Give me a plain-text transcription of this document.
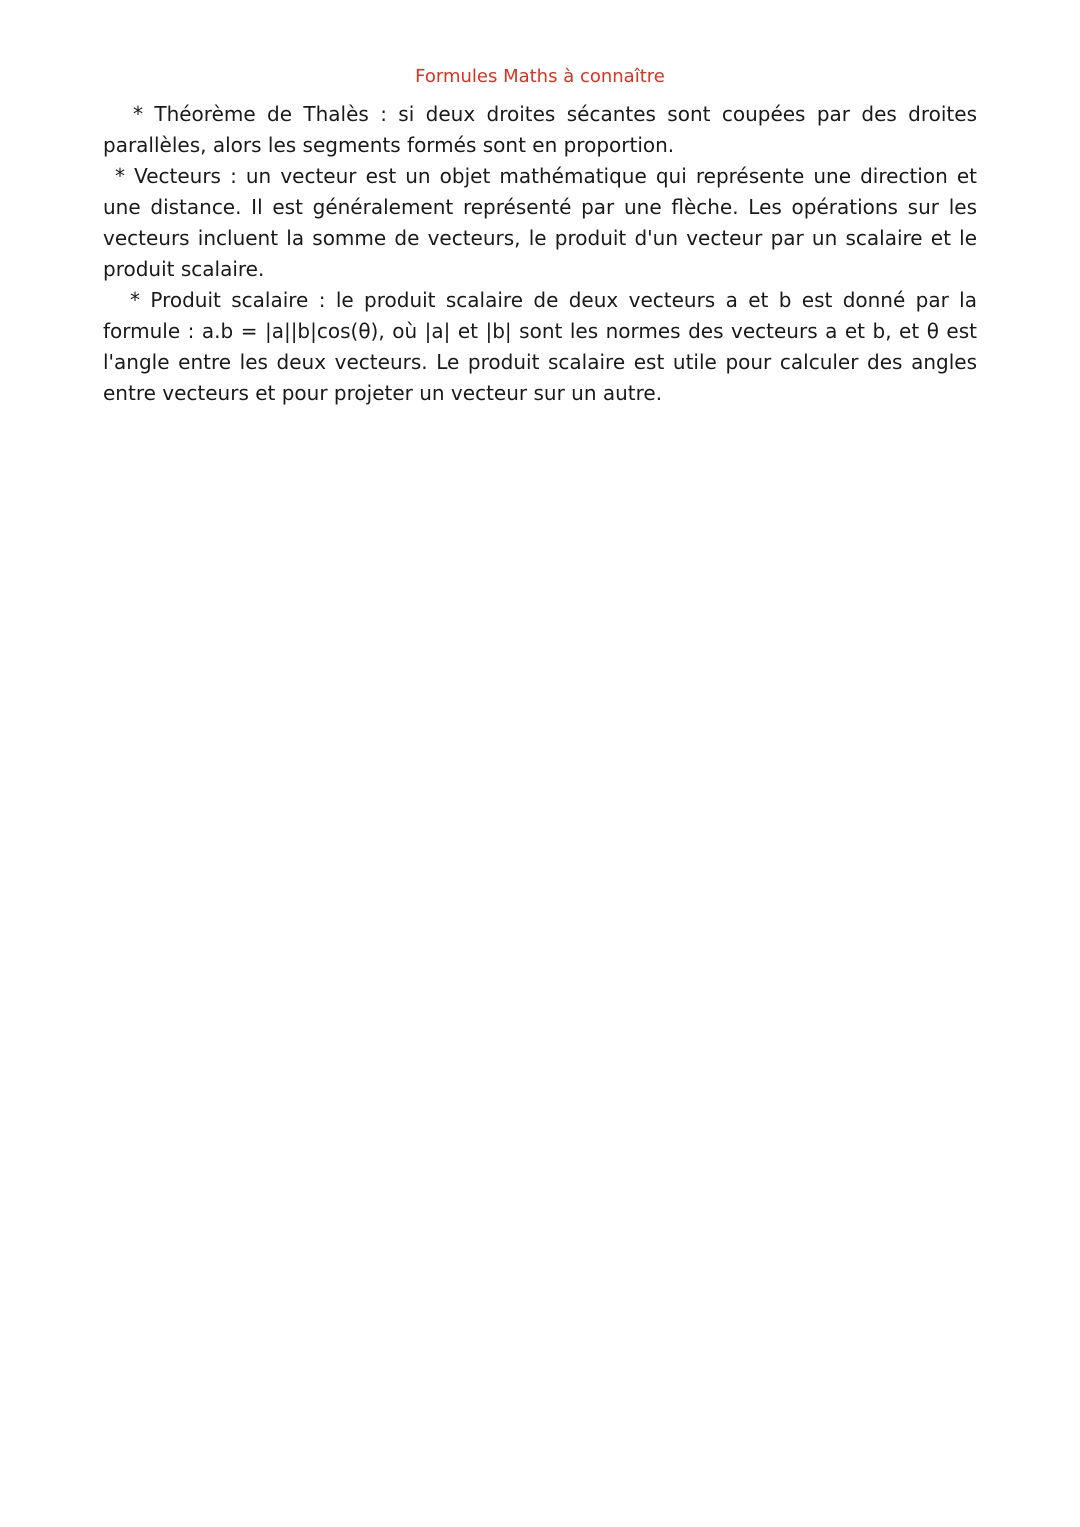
Formules Maths à connaître

* Théorème de Thalès : si deux droites sécantes sont coupées par des droites parallèles, alors les segments formés sont en proportion.

* Vecteurs : un vecteur est un objet mathématique qui représente une direction et une distance. Il est généralement représenté par une flèche. Les opérations sur les vecteurs incluent la somme de vecteurs, le produit d'un vecteur par un scalaire et le produit scalaire.

* Produit scalaire : le produit scalaire de deux vecteurs a et b est donné par la formule : a.b = |a||b|cos(θ), où |a| et |b| sont les normes des vecteurs a et b, et θ est l'angle entre les deux vecteurs. Le produit scalaire est utile pour calculer des angles entre vecteurs et pour projeter un vecteur sur un autre.
